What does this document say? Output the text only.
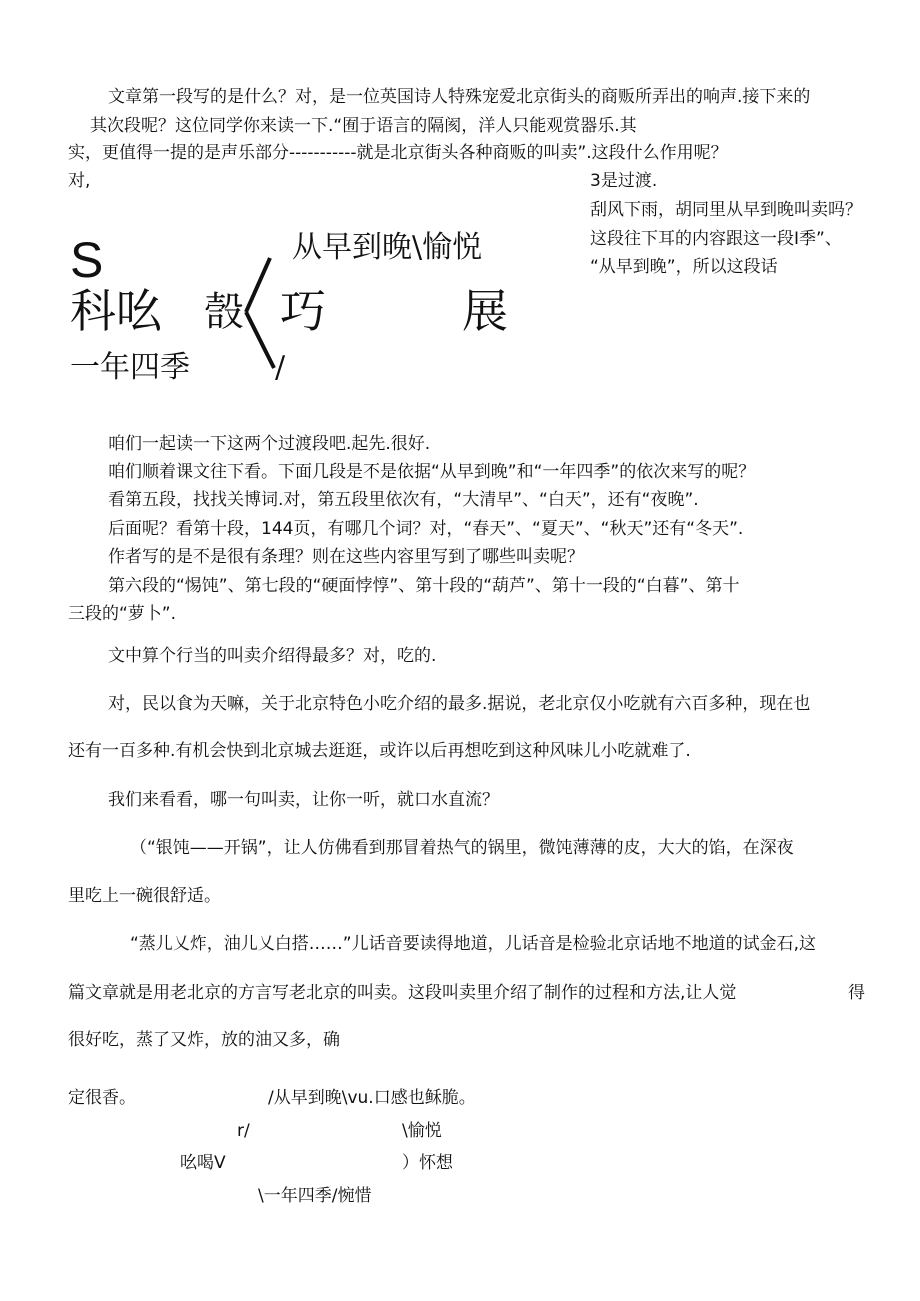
文章第一段写的是什么？对，是一位英国诗人特殊宠爱北京街头的商贩所弄出的响声.接下来的
其次段呢？这位同学你来读一下.“囿于语言的隔阂，洋人只能观赏器乐.其
实，更值得一提的是声乐部分-----------就是北京街头各种商贩的叫卖”.这段什么作用呢？
对,	3是过渡.
刮风下雨，胡同里从早到晚叫卖吗？
这段往下耳的内容跟这一段I季”、
“从早到晚”，所以这段话
S	从早到晚\愉悦
科吆 嗀 巧	展
一年四季	/
咱们一起读一下这两个过渡段吧.起先.很好.
咱们顺着课文往下看。下面几段是不是依据“从早到晚”和“一年四季”的依次来写的呢？
看第五段，找找关博词.对，第五段里依次有，“大清早”、“白天”，还有“夜晚”.
后面呢？看第十段，144页，有哪几个词？对，“春天”、“夏天”、“秋天”还有“冬天”.
作者写的是不是很有条理？则在这些内容里写到了哪些叫卖呢？
第六段的“惕饨”、第七段的“硬面悖惇”、第十段的“葫芦”、第十一段的“白暮”、第十
三段的“萝卜”.
文中算个行当的叫卖介绍得最多？对，吃的.
对，民以食为天嘛，关于北京特色小吃介绍的最多.据说，老北京仅小吃就有六百多种，现在也
还有一百多种.有机会快到北京城去逛逛，或许以后再想吃到这种风味儿小吃就难了.
我们来看看，哪一句叫卖，让你一听，就口水直流？
（“银饨——开锅”，让人仿佛看到那冒着热气的锅里，微饨薄薄的皮，大大的馅，在深夜
里吃上一碗很舒适。
“蒸儿乂炸，油儿乂白搭……”儿话音要读得地道，儿话音是检验北京话地不地道的试金石,这
篇文章就是用老北京的方言写老北京的叫卖。这段叫卖里介绍了制作的过程和方法,让人觉	得
很好吃，蒸了又炸，放的油又多，确
定很香。	/从早到晚\vu.口感也稣脆。
r/	\愉悦
吆喝V	）怀想
\一年四季/惋惜
